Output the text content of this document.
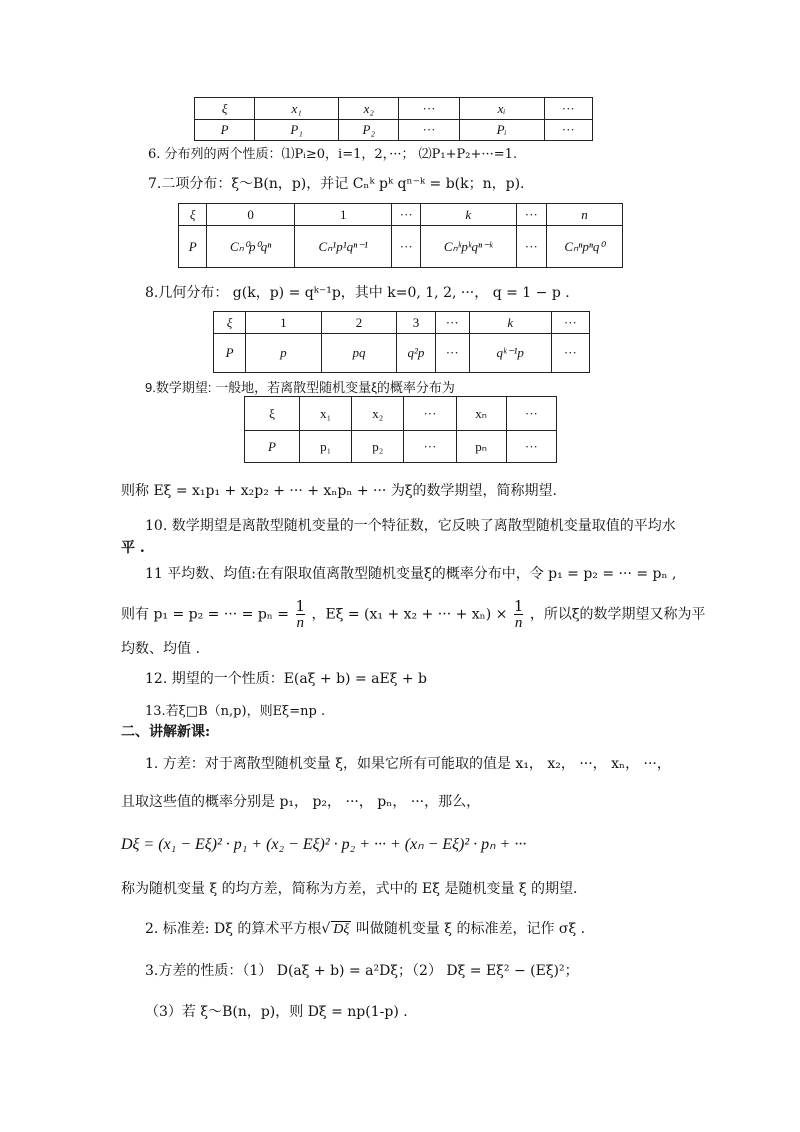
ξ	x₁	x₂	···	xᵢ	···
P	P₁	P₂	···	Pᵢ	···
6. 分布列的两个性质：⑴Pᵢ≥0，i=1，2，···； ⑵P₁+P₂+···=1.
7.二项分布：ξ～B(n，p)，并记 Cₙᵏ pᵏ qⁿ⁻ᵏ = b(k；n，p).
ξ	0	1	···	k	···	n
P	Cₙ⁰p⁰qⁿ	Cₙ¹p¹qⁿ⁻¹	···	Cₙᵏpᵏqⁿ⁻ᵏ	···	Cₙⁿpⁿq⁰
8.几何分布： g(k，p) = qᵏ⁻¹p，其中 k=0, 1, 2, ···， q = 1 − p .
ξ	1	2	3	···	k	···
P	p	pq	q²p	···	qᵏ⁻¹p	···
9.数学期望: 一般地，若离散型随机变量ξ的概率分布为
ξ	x₁	x₂	···	xₙ	···
P	p₁	p₂	···	pₙ	···
则称 Eξ = x₁p₁ + x₂p₂ + ··· + xₙpₙ + ··· 为ξ的数学期望，简称期望.
10. 数学期望是离散型随机变量的一个特征数，它反映了离散型随机变量取值的平均水
平 .
11 平均数、均值:在有限取值离散型随机变量ξ的概率分布中，令 p₁ = p₂ = ··· = pₙ ,
则有 p₁ = p₂ = ··· = $p_n = \frac{1}{n}$ ，Eξ = (x₁ + x₂ + ··· + $x_n) \times \frac{1}{n}$ ，所以ξ的数学期望又称为平
均数、均值 .
12. 期望的一个性质：E(aξ + b) = aEξ + b
13.若ξ□B（n,p)，则Eξ=np .
二、讲解新课:
1. 方差：对于离散型随机变量 ξ，如果它所有可能取的值是 x₁， x₂， ···， xₙ， ···，
且取这些值的概率分别是 p₁， p₂， ···， pₙ， ···，那么，
Dξ = (x₁ − Eξ)² · p₁ + (x₂ − Eξ)² · p₂ + ··· + (xₙ − Eξ)² · pₙ + ···
称为随机变量 ξ 的均方差，简称为方差，式中的 Eξ 是随机变量 ξ 的期望.
2. 标准差: Dξ 的算术平方根√ Dξ 叫做随机变量 ξ 的标准差，记作 σξ .
3.方差的性质：（1） D(aξ + b) = a²Dξ；（2） Dξ = Eξ² − (Eξ)²；
（3）若 ξ～B(n，p)，则 Dξ = np(1-p) .
